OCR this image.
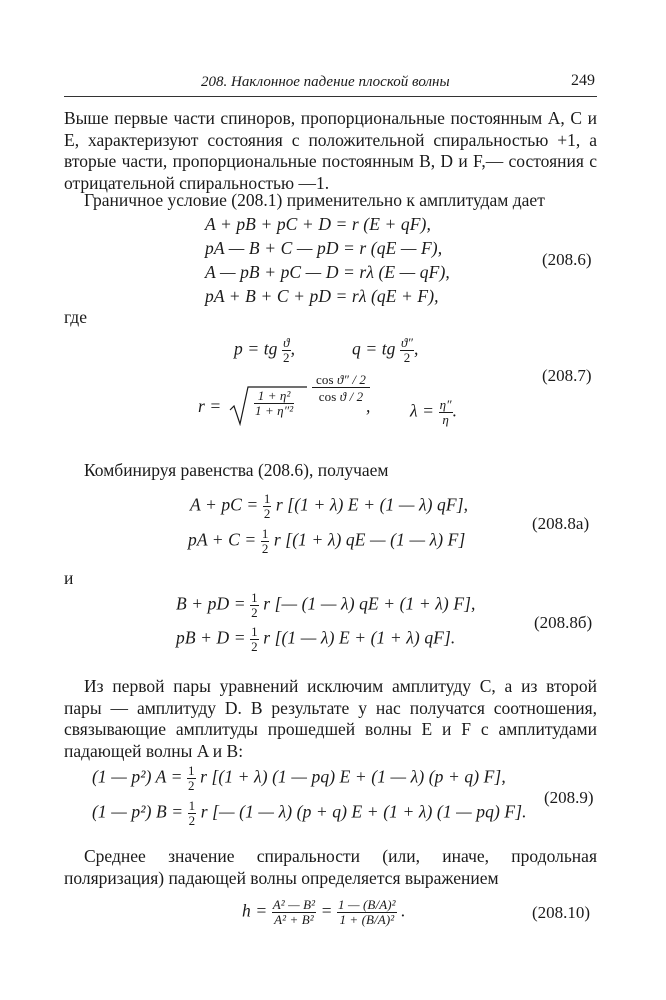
208. Наклонное падение плоской волны	249
Выше первые части спиноров, пропорциональные постоянным A, C и E, характеризуют состояния с положительной спиральностью +1, а вторые части, пропорциональные постоянным B, D и F,— состояния с отрицательной спиральностью —1.
Граничное условие (208.1) применительно к амплитудам дает
A + pB + pC + D = r (E + qF),
pA — B + C — pD = r (qE — F),
A — pB + pC — D = rλ (E — qF),
pA + B + C + pD = rλ (qE + F),
(208.6)
где
p = tg $\frac{ϑ}{2}$ ,	q = tg $\frac{ϑ''}{2}$ ,
(208.7)
r =	$\frac{\text{1 + η²}}{\text{1 + η″²}} \frac{\text{cos ϑ″ / 2}}{\text{cos ϑ / 2}}$
, $\lambda = \frac{\eta''}{\eta}$ .
Комбинируя равенства (208.6), получаем
A + pC = $\frac{1}{2}$ r [(1 + λ) E + (1 — λ) qF],
pA + $C = \frac{1}{2}$ r [(1 + λ) qE — (1 — λ) F]
(208.8а)
и
B + pD = $\frac{1}{2}$ r [— (1 — λ) qE + (1 + λ) F],
pB + $D = \frac{1}{2}$ r [(1 — λ) E + (1 + λ) qF].
(208.8б)
Из первой пары уравнений исключим амплитуду C, а из второй пары — амплитуду D. В результате у нас получатся соотношения, связывающие амплитуды прошедшей волны E и F с амплитудами падающей волны A и B:
(1 — p²) $A = \frac{1}{2}$ r [(1 + λ) (1 — pq) E + (1 — λ) (p + q) F],
(1 — p²) $B = \frac{1}{2}$ r [— (1 — λ) (p + q) E + (1 + λ) (1 — pq) F].
(208.9)
Среднее значение спиральности (или, иначе, продольная поляризация) падающей волны определяется выражением
$h = \frac{\text{A² — B²}}{\text{A² + B²}} = \frac{\text{1 — (B/A)²}}{\text{1 + (B/A)²}}$ .	(208.10)
